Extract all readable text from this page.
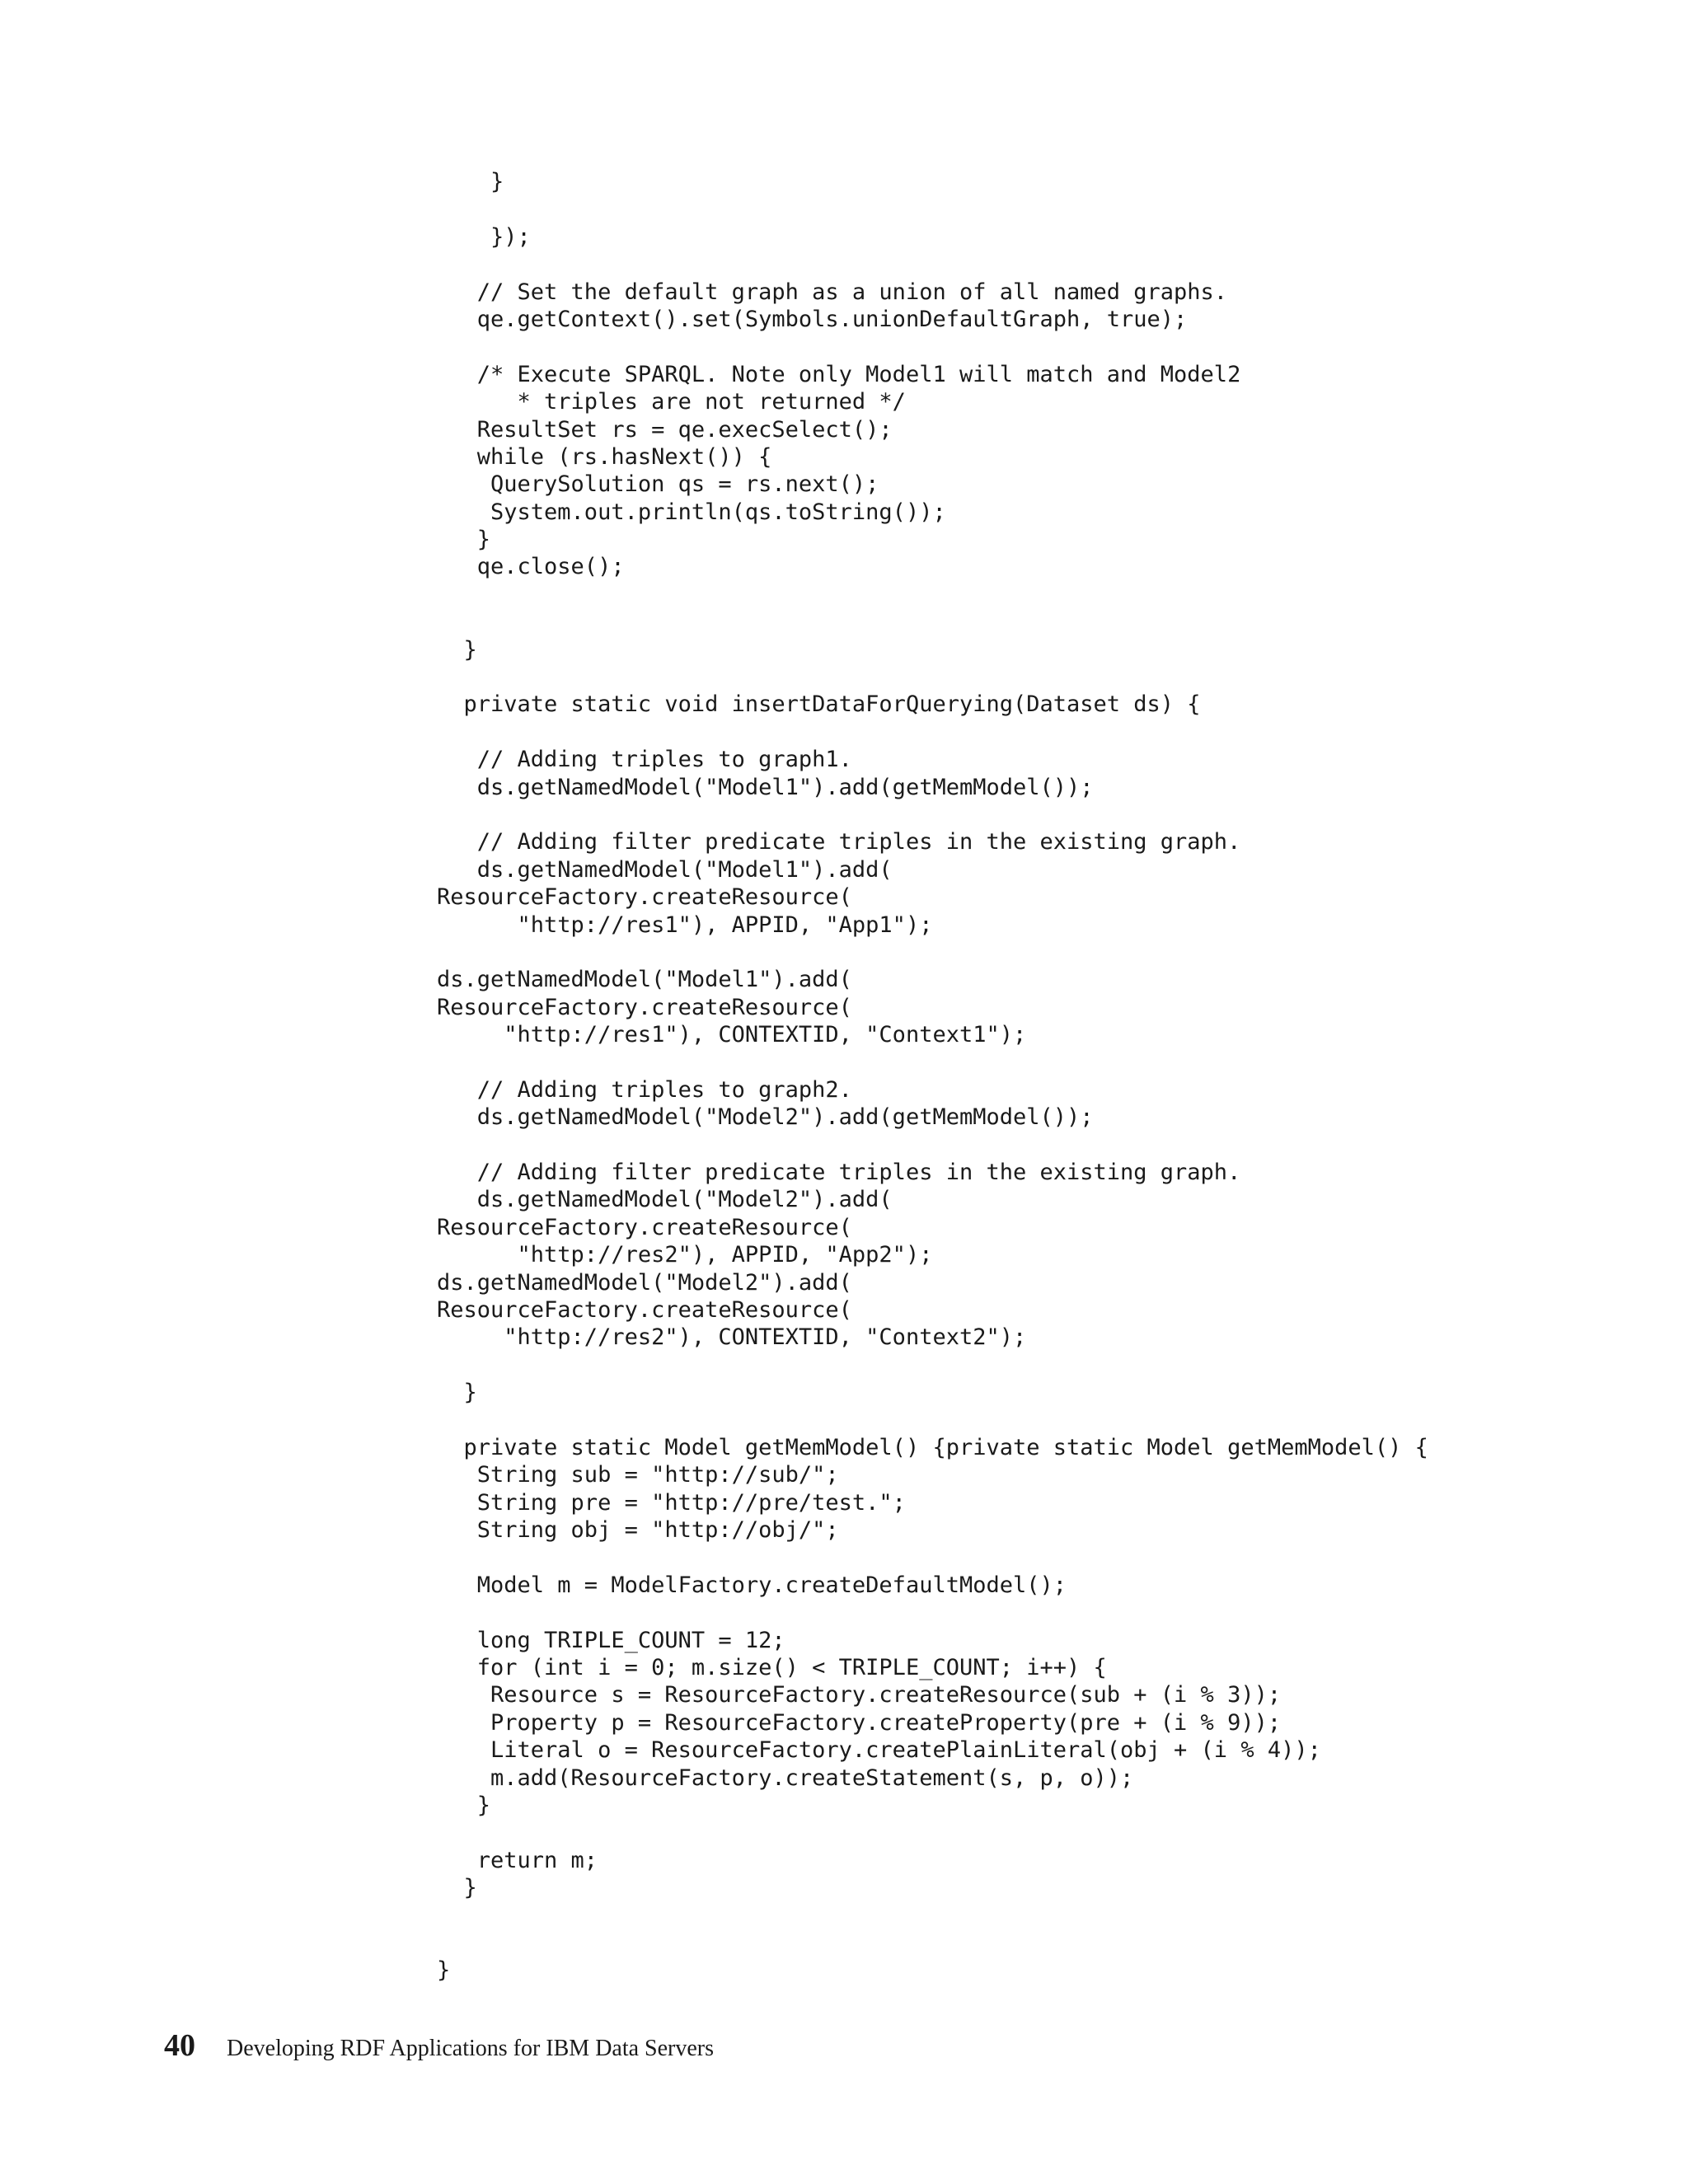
}
});
// Set the default graph as a union of all named graphs.
qe.getContext().set(Symbols.unionDefaultGraph, true);
/* Execute SPARQL. Note only Model1 will match and Model2
* triples are not returned */
ResultSet rs = qe.execSelect();
while (rs.hasNext()) {
QuerySolution qs = rs.next();
System.out.println(qs.toString());
}
qe.close();
}
private static void insertDataForQuerying(Dataset ds) {
// Adding triples to graph1.
ds.getNamedModel("Model1").add(getMemModel());
// Adding filter predicate triples in the existing graph.
ds.getNamedModel("Model1").add(
ResourceFactory.createResource(
"http://res1"), APPID, "App1");
ds.getNamedModel("Model1").add(
ResourceFactory.createResource(
"http://res1"), CONTEXTID, "Context1");
// Adding triples to graph2.
ds.getNamedModel("Model2").add(getMemModel());
// Adding filter predicate triples in the existing graph.
ds.getNamedModel("Model2").add(
ResourceFactory.createResource(
"http://res2"), APPID, "App2");
ds.getNamedModel("Model2").add(
ResourceFactory.createResource(
"http://res2"), CONTEXTID, "Context2");
}
private static Model getMemModel() {private static Model getMemModel() {
String sub = "http://sub/";
String pre = "http://pre/test.";
String obj = "http://obj/";
Model m = ModelFactory.createDefaultModel();
long TRIPLE_COUNT = 12;
for (int i = 0; m.size() < TRIPLE_COUNT; i++) {
Resource s = ResourceFactory.createResource(sub + (i % 3));
Property p = ResourceFactory.createProperty(pre + (i % 9));
Literal o = ResourceFactory.createPlainLiteral(obj + (i % 4));
m.add(ResourceFactory.createStatement(s, p, o));
}
return m;
}
}
40 Developing RDF Applications for IBM Data Servers
